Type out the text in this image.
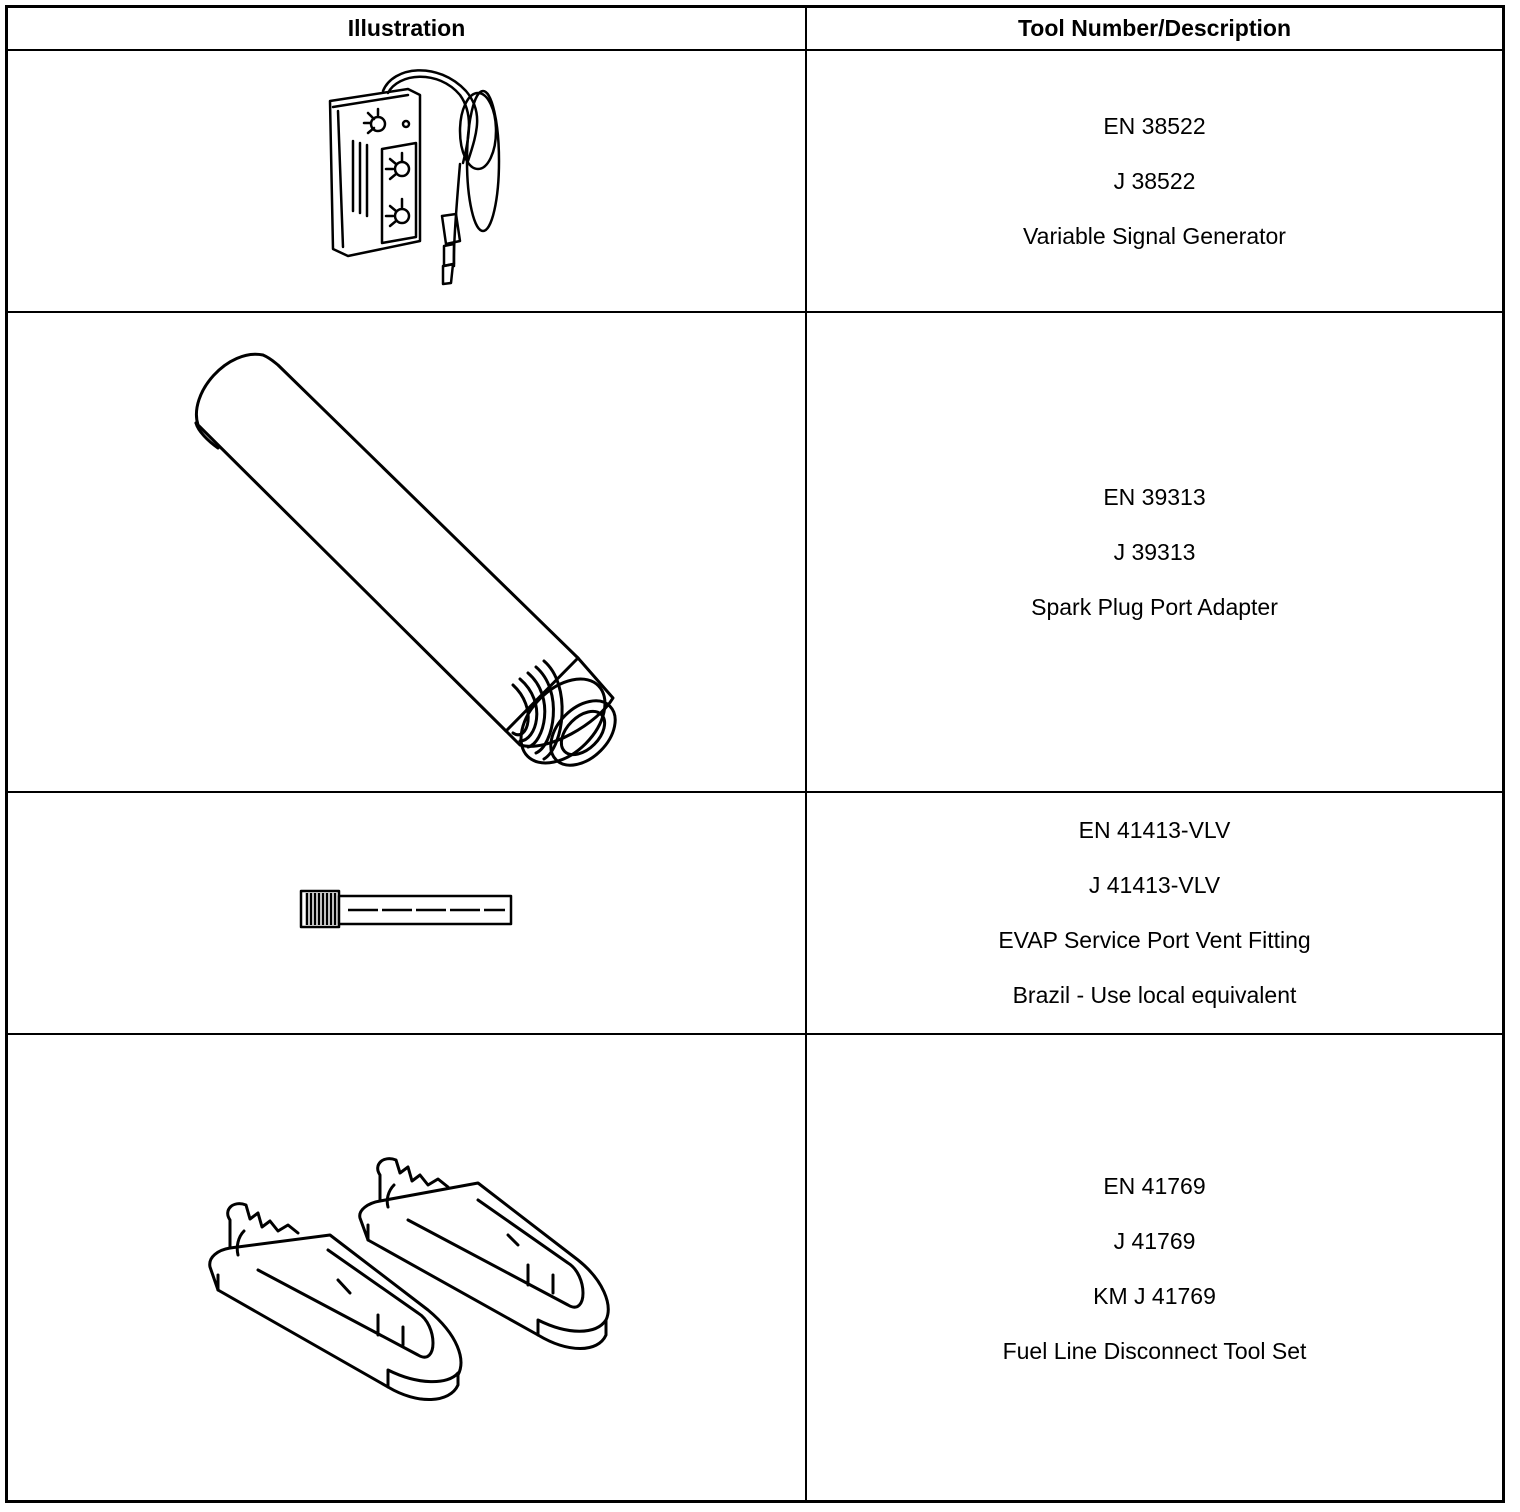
Illustration	Tool Number/Description
EN 38522
J 38522
Variable Signal Generator
EN 39313
J 39313
Spark Plug Port Adapter
EN 41413-VLV
J 41413-VLV
EVAP Service Port Vent Fitting
Brazil - Use local equivalent
EN 41769
J 41769
KM J 41769
Fuel Line Disconnect Tool Set
